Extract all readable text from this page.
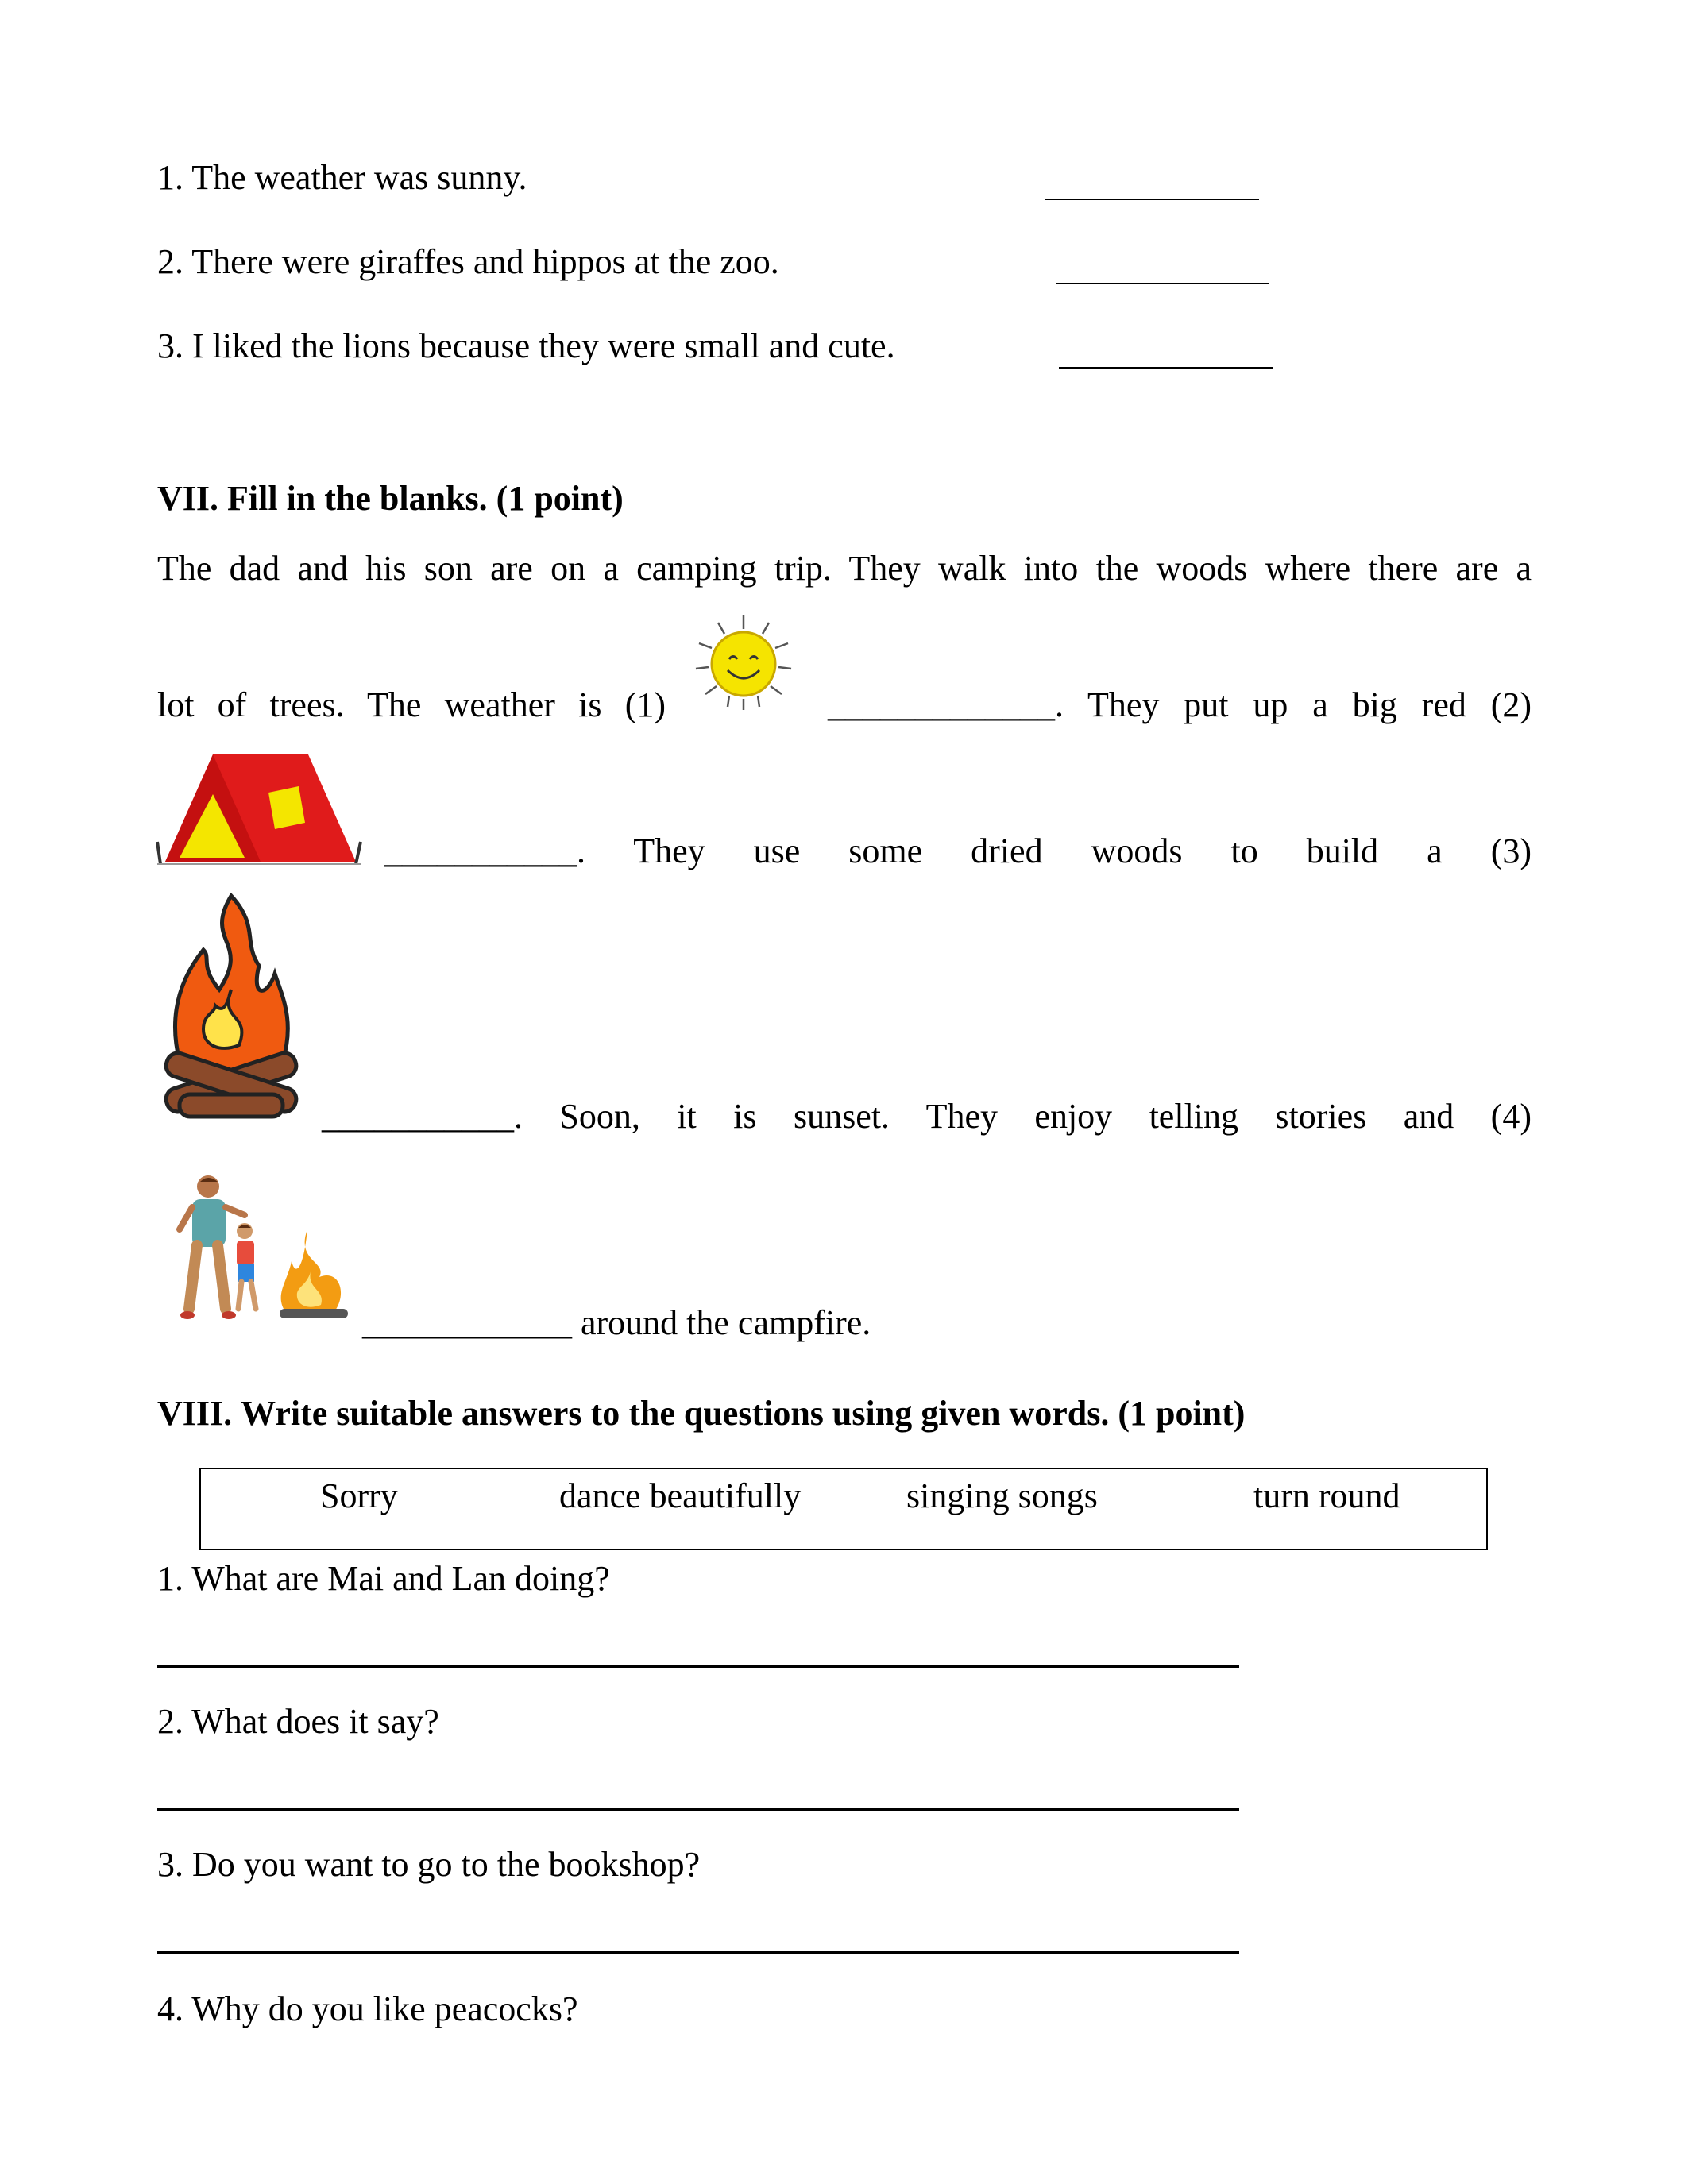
1. The weather was sunny.
2. There were giraffes and hippos at the zoo.
3. I liked the lions because they were small and cute.
VII. Fill in the blanks. (1 point)
The dad and his son are on a camping trip. They walk into the woods where there are a
lot of trees. The weather is (1)	_____________. They put up a big red (2)
___________. They use some dried woods to build a (3)
___________. Soon, it is sunset. They enjoy telling stories and (4)
____________ around the campfire.
VIII. Write suitable answers to the questions using given words. (1 point)
Sorry	dance beautifully	singing songs	turn round
1. What are Mai and Lan doing?
2. What does it say?
3. Do you want to go to the bookshop?
4. Why do you like peacocks?
